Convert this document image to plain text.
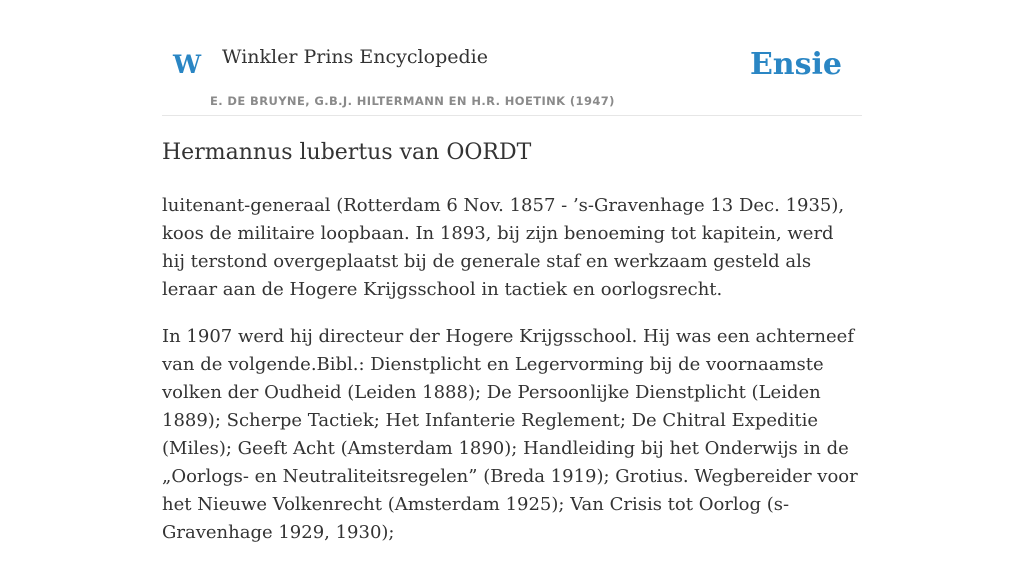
W Winkler Prins Encyclopedie
E. DE BRUYNE, G.B.J. HILTERMANN EN H.R. HOETINK (1947)
Ensie
Hermannus lubertus van OORDT

luitenant-generaal (Rotterdam 6 Nov. 1857 - ’s-Gravenhage 13 Dec. 1935), koos de militaire loopbaan. In 1893, bij zijn benoeming tot kapitein, werd hij terstond overgeplaatst bij de generale staf en werkzaam gesteld als leraar aan de Hogere Krijgsschool in tactiek en oorlogsrecht.

In 1907 werd hij directeur der Hogere Krijgsschool. Hij was een achterneef van de volgende.Bibl.: Dienstplicht en Legervorming bij de voornaamste volken der Oudheid (Leiden 1888); De Persoonlijke Dienstplicht (Leiden 1889); Scherpe Tactiek; Het Infanterie Reglement; De Chitral Expeditie (Miles); Geeft Acht (Amsterdam 1890); Handleiding bij het Onderwijs in de „Oorlogs- en Neutraliteitsregelen” (Breda 1919); Grotius. Wegbereider voor het Nieuwe Volkenrecht (Amsterdam 1925); Van Crisis tot Oorlog (s-Gravenhage 1929, 1930);
